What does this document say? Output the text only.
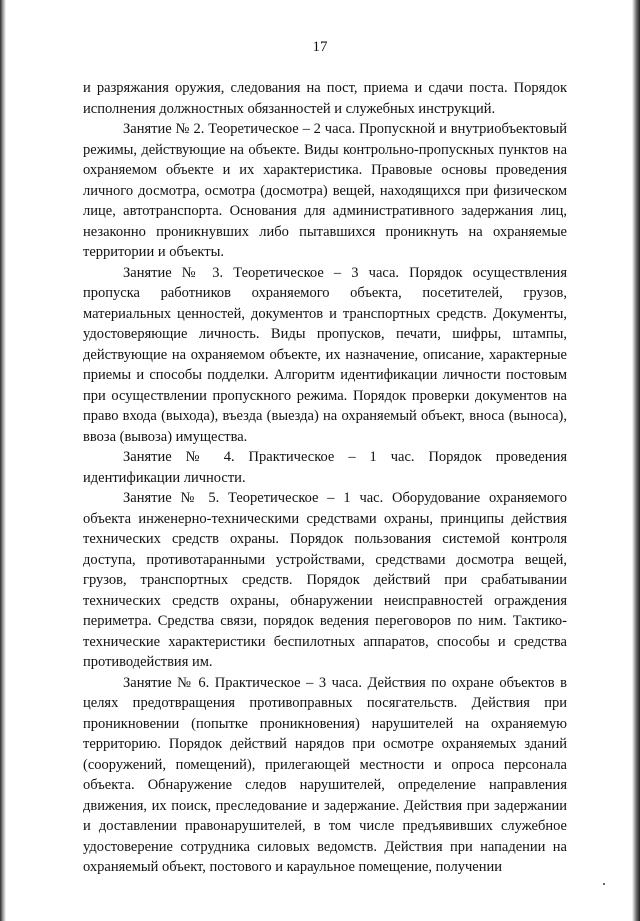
17

и разряжания оружия, следования на пост, приема и сдачи поста. Порядок исполнения должностных обязанностей и служебных инструкций.

Занятие № 2. Теоретическое – 2 часа. Пропускной и внутриобъектовый режимы, действующие на объекте. Виды контрольно-пропускных пунктов на охраняемом объекте и их характеристика. Правовые основы проведения личного досмотра, осмотра (досмотра) вещей, находящихся при физическом лице, автотранспорта. Основания для административного задержания лиц, незаконно проникнувших либо пытавшихся проникнуть на охраняемые территории и объекты.

Занятие № 3. Теоретическое – 3 часа. Порядок осуществления пропуска работников охраняемого объекта, посетителей, грузов, материальных ценностей, документов и транспортных средств. Документы, удостоверяющие личность. Виды пропусков, печати, шифры, штампы, действующие на охраняемом объекте, их назначение, описание, характерные приемы и способы подделки. Алгоритм идентификации личности постовым при осуществлении пропускного режима. Порядок проверки документов на право входа (выхода), въезда (выезда) на охраняемый объект, вноса (выноса), ввоза (вывоза) имущества.

Занятие № 4. Практическое – 1 час. Порядок проведения идентификации личности.

Занятие № 5. Теоретическое – 1 час. Оборудование охраняемого объекта инженерно-техническими средствами охраны, принципы действия технических средств охраны. Порядок пользования системой контроля доступа, противотаранными устройствами, средствами досмотра вещей, грузов, транспортных средств. Порядок действий при срабатывании технических средств охраны, обнаружении неисправностей ограждения периметра. Средства связи, порядок ведения переговоров по ним. Тактико-технические характеристики беспилотных аппаратов, способы и средства противодействия им.

Занятие № 6. Практическое – 3 часа. Действия по охране объектов в целях предотвращения противоправных посягательств. Действия при проникновении (попытке проникновения) нарушителей на охраняемую территорию. Порядок действий нарядов при осмотре охраняемых зданий (сооружений, помещений), прилегающей местности и опроса персонала объекта. Обнаружение следов нарушителей, определение направления движения, их поиск, преследование и задержание. Действия при задержании и доставлении правонарушителей, в том числе предъявивших служебное удостоверение сотрудника силовых ведомств. Действия при нападении на охраняемый объект, постового и караульное помещение, получении
